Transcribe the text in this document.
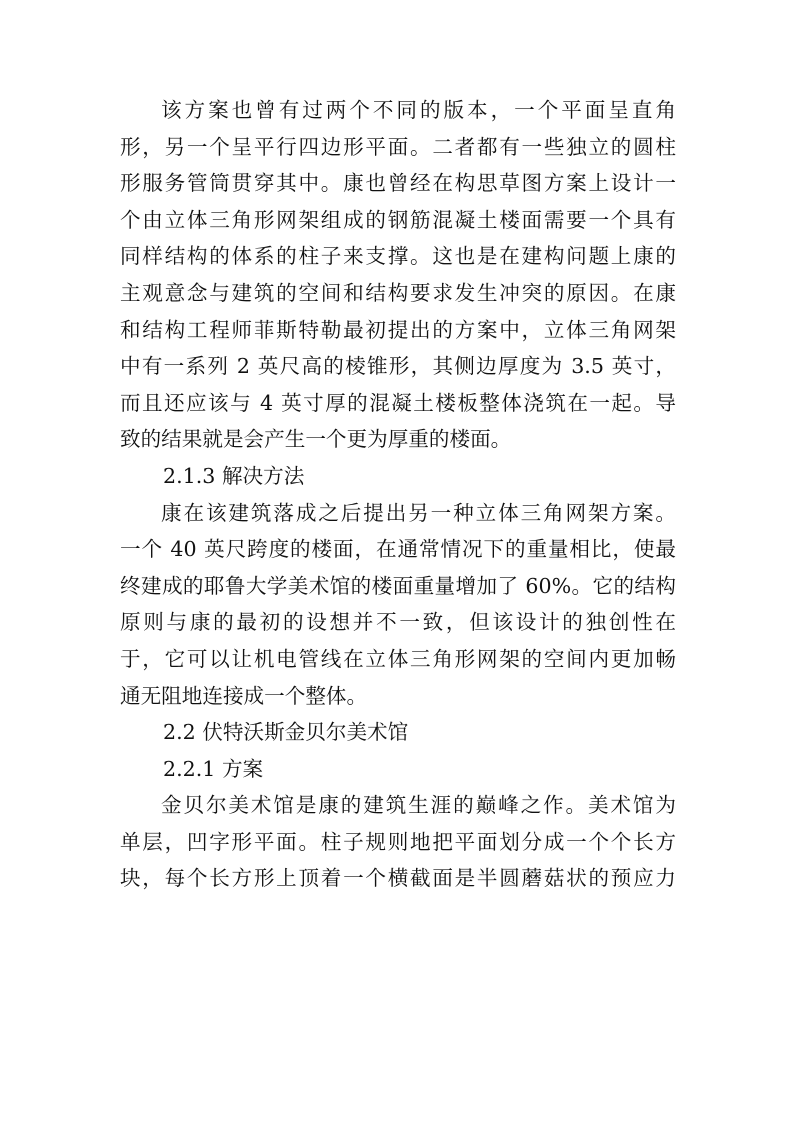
该方案也曾有过两个不同的版本，一个平面呈直角
形，另一个呈平行四边形平面。二者都有一些独立的圆柱
形服务管筒贯穿其中。康也曾经在构思草图方案上设计一
个由立体三角形网架组成的钢筋混凝土楼面需要一个具有
同样结构的体系的柱子来支撑。这也是在建构问题上康的
主观意念与建筑的空间和结构要求发生冲突的原因。在康
和结构工程师菲斯特勒最初提出的方案中，立体三角网架
中有一系列 2 英尺高的棱锥形，其侧边厚度为 3.5 英寸，
而且还应该与 4 英寸厚的混凝土楼板整体浇筑在一起。导
致的结果就是会产生一个更为厚重的楼面。
2.1.3 解决方法
康在该建筑落成之后提出另一种立体三角网架方案。
一个 40 英尺跨度的楼面，在通常情况下的重量相比，使最
终建成的耶鲁大学美术馆的楼面重量增加了 60%。它的结构
原则与康的最初的设想并不一致，但该设计的独创性在
于，它可以让机电管线在立体三角形网架的空间内更加畅
通无阻地连接成一个整体。
2.2 伏特沃斯金贝尔美术馆
2.2.1 方案
金贝尔美术馆是康的建筑生涯的巅峰之作。美术馆为
单层，凹字形平面。柱子规则地把平面划分成一个个长方
块，每个长方形上顶着一个横截面是半圆蘑菇状的预应力
